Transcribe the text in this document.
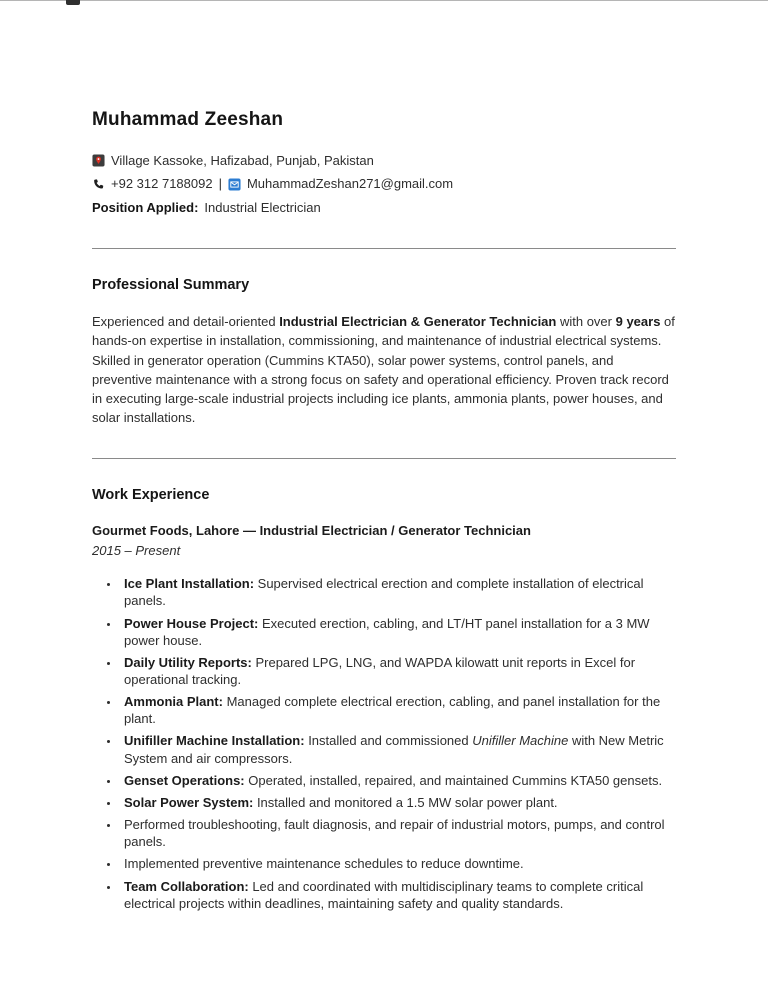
Muhammad Zeeshan
Village Kassoke, Hafizabad, Punjab, Pakistan
+92 312 7188092 | MuhammadZeshan271@gmail.com
Position Applied: Industrial Electrician
Professional Summary

Experienced and detail-oriented Industrial Electrician & Generator Technician with over 9 years of hands-on expertise in installation, commissioning, and maintenance of industrial electrical systems. Skilled in generator operation (Cummins KTA50), solar power systems, control panels, and preventive maintenance with a strong focus on safety and operational efficiency. Proven track record in executing large-scale industrial projects including ice plants, ammonia plants, power houses, and solar installations.

Work Experience

Gourmet Foods, Lahore — Industrial Electrician / Generator Technician

2015 – Present

• Ice Plant Installation: Supervised electrical erection and complete installation of electrical panels.
• Power House Project: Executed erection, cabling, and LT/HT panel installation for a 3 MW power house.
• Daily Utility Reports: Prepared LPG, LNG, and WAPDA kilowatt unit reports in Excel for operational tracking.
• Ammonia Plant: Managed complete electrical erection, cabling, and panel installation for the plant.
• Unifiller Machine Installation: Installed and commissioned Unifiller Machine with New Metric System and air compressors.
• Genset Operations: Operated, installed, repaired, and maintained Cummins KTA50 gensets.
• Solar Power System: Installed and monitored a 1.5 MW solar power plant.
• Performed troubleshooting, fault diagnosis, and repair of industrial motors, pumps, and control panels.
• Implemented preventive maintenance schedules to reduce downtime.
• Team Collaboration: Led and coordinated with multidisciplinary teams to complete critical electrical projects within deadlines, maintaining safety and quality standards.
